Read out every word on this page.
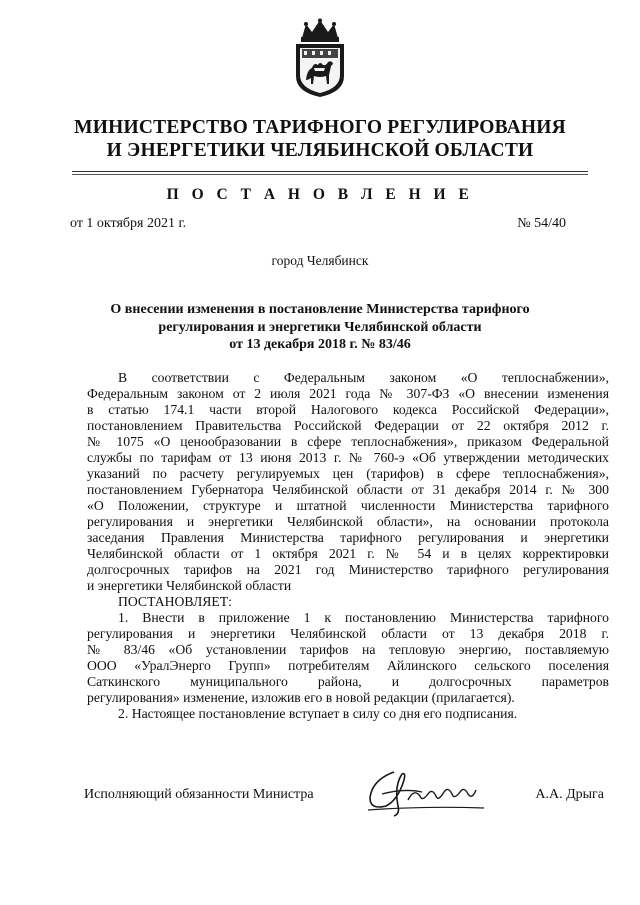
МИНИСТЕРСТВО ТАРИФНОГО РЕГУЛИРОВАНИЯ
И ЭНЕРГЕТИКИ ЧЕЛЯБИНСКОЙ ОБЛАСТИ
П О С Т А Н О В Л Е Н И Е
от 1 октября 2021 г.	№ 54/40
город Челябинск
О внесении изменения в постановление Министерства тарифного
регулирования и энергетики Челябинской области
от 13 декабря 2018 г. № 83/46
В соответствии с Федеральным законом «О теплоснабжении»,
Федеральным законом от 2 июля 2021 года № 307-ФЗ «О внесении изменения
в статью 174.1 части второй Налогового кодекса Российской Федерации»,
постановлением Правительства Российской Федерации от 22 октября 2012 г.
№ 1075 «О ценообразовании в сфере теплоснабжения», приказом Федеральной
службы по тарифам от 13 июня 2013 г. № 760-э «Об утверждении методических
указаний по расчету регулируемых цен (тарифов) в сфере теплоснабжения»,
постановлением Губернатора Челябинской области от 31 декабря 2014 г. № 300
«О Положении, структуре и штатной численности Министерства тарифного
регулирования и энергетики Челябинской области», на основании протокола
заседания Правления Министерства тарифного регулирования и энергетики
Челябинской области от 1 октября 2021 г. № 54 и в целях корректировки
долгосрочных тарифов на 2021 год Министерство тарифного регулирования
и энергетики Челябинской области
ПОСТАНОВЛЯЕТ:
1. Внести в приложение 1 к постановлению Министерства тарифного
регулирования и энергетики Челябинской области от 13 декабря 2018 г.
№ 83/46 «Об установлении тарифов на тепловую энергию, поставляемую
ООО «УралЭнерго Групп» потребителям Айлинского сельского поселения
Саткинского муниципального района, и долгосрочных параметров
регулирования» изменение, изложив его в новой редакции (прилагается).
2. Настоящее постановление вступает в силу со дня его подписания.
Исполняющий обязанности Министра	А.А. Дрыга
